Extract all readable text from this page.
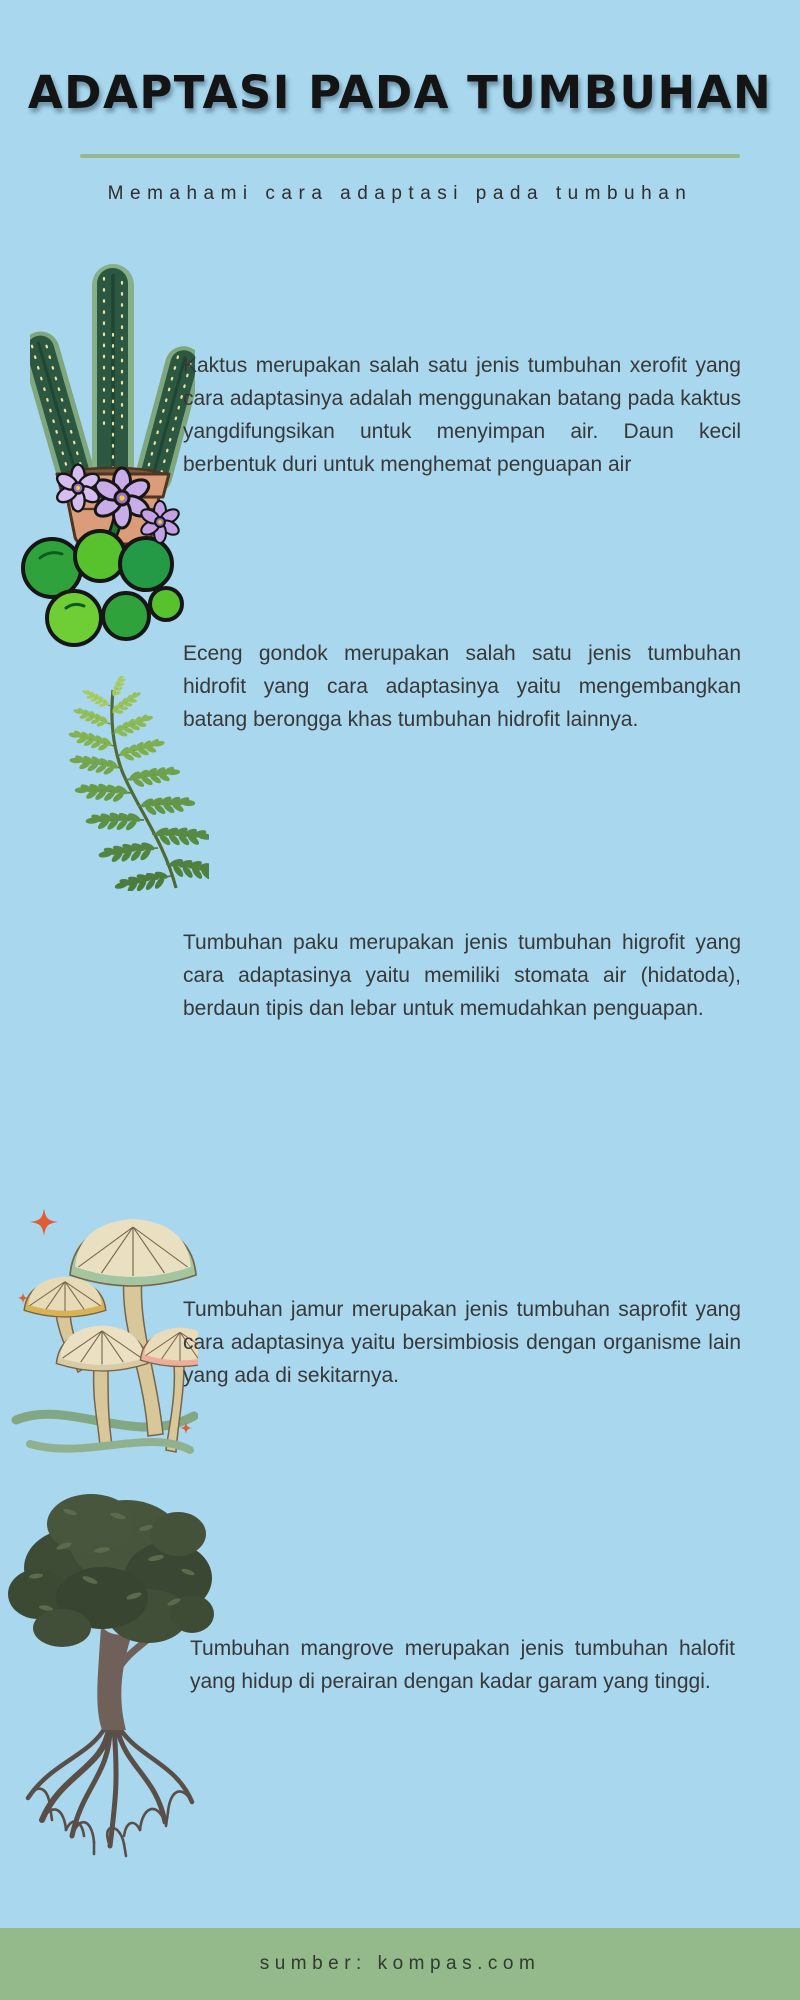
ADAPTASI PADA TUMBUHAN

Memahami cara adaptasi pada tumbuhan

Kaktus merupakan salah satu jenis tumbuhan xerofit yang cara adaptasinya adalah menggunakan batang pada kaktus yangdifungsikan untuk menyimpan air. Daun kecil berbentuk duri untuk menghemat penguapan air

Eceng gondok merupakan salah satu jenis tumbuhan hidrofit yang cara adaptasinya yaitu mengembangkan batang berongga khas tumbuhan hidrofit lainnya.

Tumbuhan paku merupakan jenis tumbuhan higrofit yang cara adaptasinya yaitu memiliki stomata air (hidatoda), berdaun tipis dan lebar untuk memudahkan penguapan.

Tumbuhan jamur merupakan jenis tumbuhan saprofit yang cara adaptasinya yaitu bersimbiosis dengan organisme lain yang ada di sekitarnya.

Tumbuhan mangrove merupakan jenis tumbuhan halofit yang hidup di perairan dengan kadar garam yang tinggi.

sumber: kompas.com
